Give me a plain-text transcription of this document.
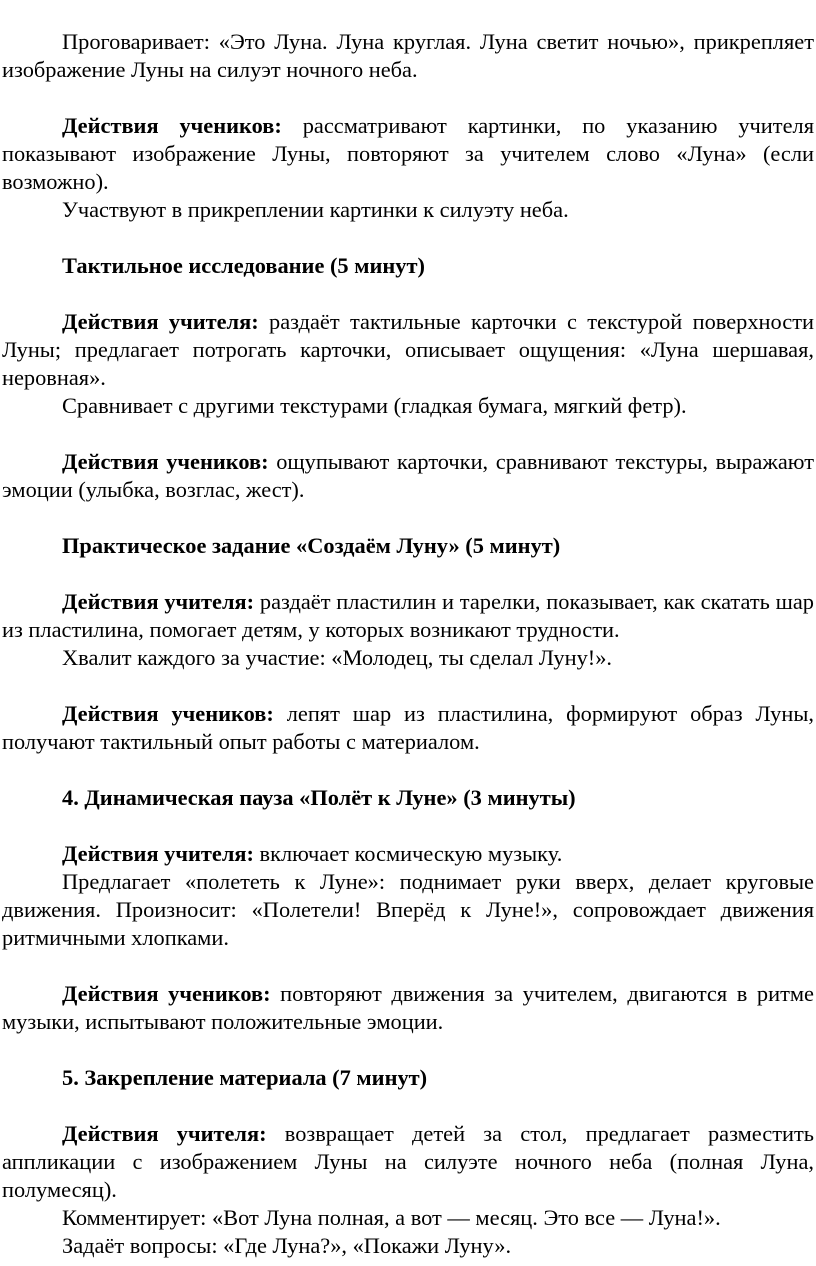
Проговаривает: «Это Луна. Луна круглая. Луна светит ночью», прикрепляет изображение Луны на силуэт ночного неба.

Действия учеников: рассматривают картинки, по указанию учителя показывают изображение Луны, повторяют за учителем слово «Луна» (если возможно).

Участвуют в прикреплении картинки к силуэту неба.

Тактильное исследование (5 минут)

Действия учителя: раздаёт тактильные карточки с текстурой поверхности Луны; предлагает потрогать карточки, описывает ощущения: «Луна шершавая, неровная».

Сравнивает с другими текстурами (гладкая бумага, мягкий фетр).

Действия учеников: ощупывают карточки, сравнивают текстуры, выражают эмоции (улыбка, возглас, жест).

Практическое задание «Создаём Луну» (5 минут)

Действия учителя: раздаёт пластилин и тарелки, показывает, как скатать шар из пластилина, помогает детям, у которых возникают трудности.

Хвалит каждого за участие: «Молодец, ты сделал Луну!».

Действия учеников: лепят шар из пластилина, формируют образ Луны, получают тактильный опыт работы с материалом.

4. Динамическая пауза «Полёт к Луне» (3 минуты)

Действия учителя: включает космическую музыку.

Предлагает «полететь к Луне»: поднимает руки вверх, делает круговые движения. Произносит: «Полетели! Вперёд к Луне!», сопровождает движения ритмичными хлопками.

Действия учеников: повторяют движения за учителем, двигаются в ритме музыки, испытывают положительные эмоции.

5. Закрепление материала (7 минут)

Действия учителя: возвращает детей за стол, предлагает разместить аппликации с изображением Луны на силуэте ночного неба (полная Луна, полумесяц).

Комментирует: «Вот Луна полная, а вот — месяц. Это все — Луна!».

Задаёт вопросы: «Где Луна?», «Покажи Луну».
